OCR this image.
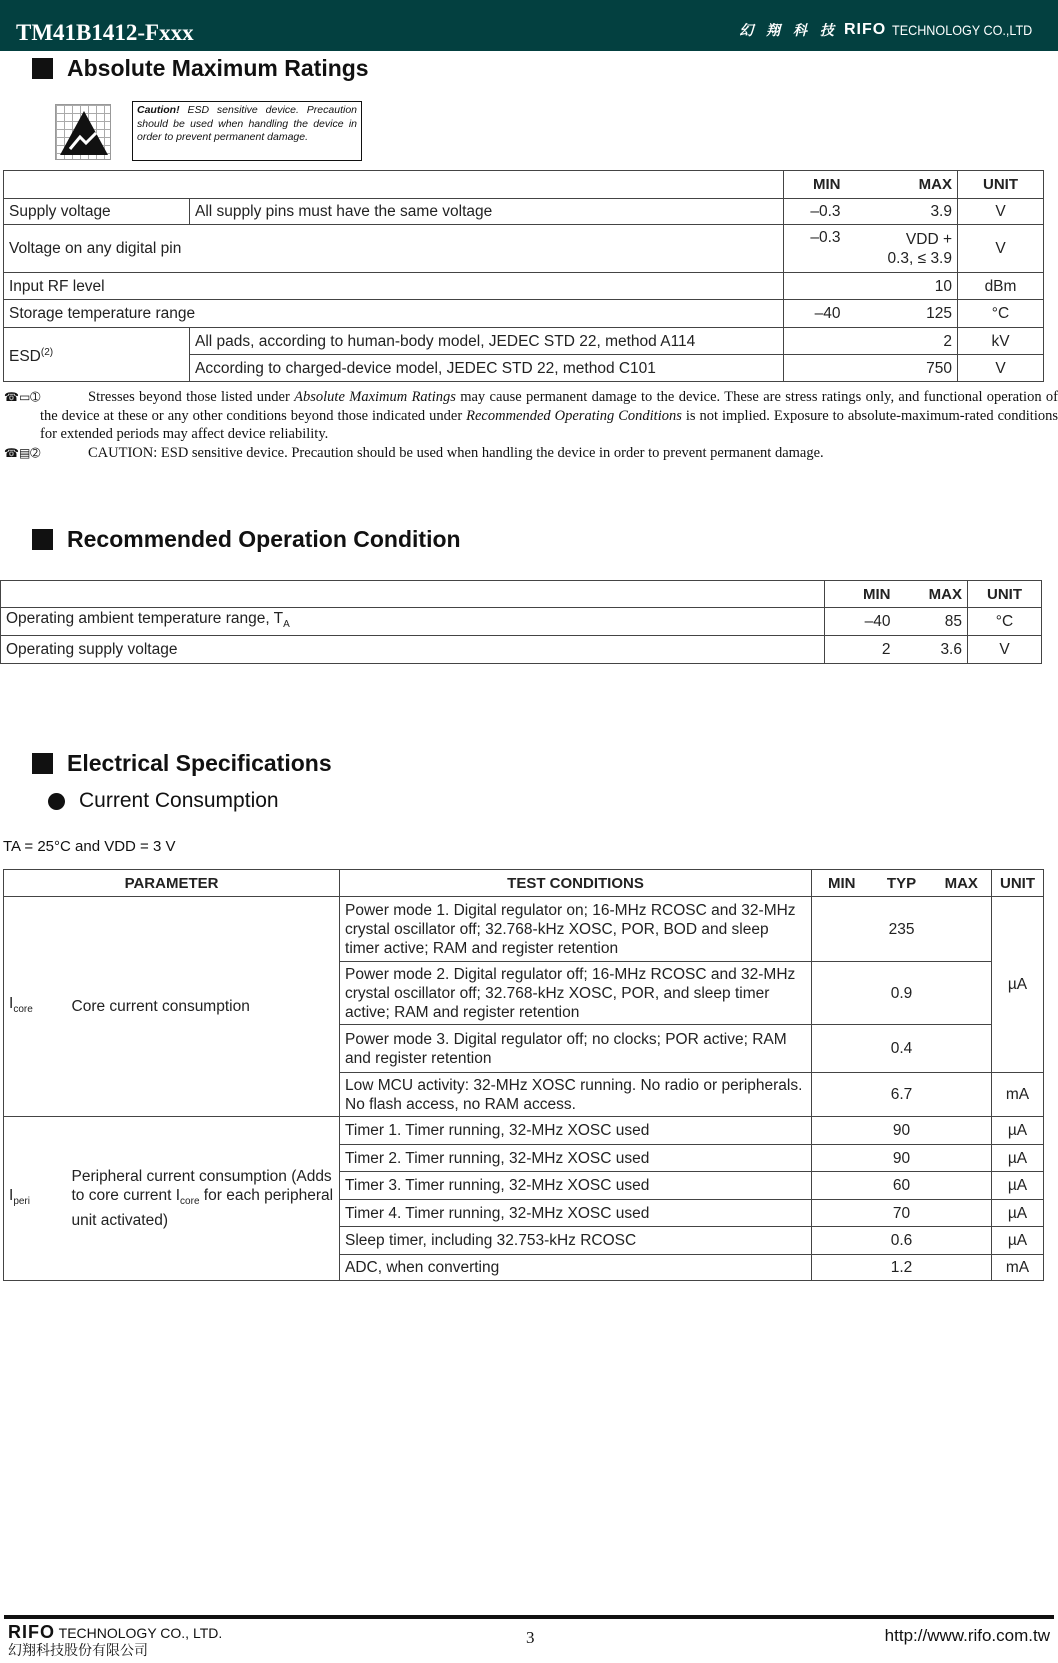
TM41B1412-Fxxx	幻 翔 科 技 RIFO TECHNOLOGY CO.,LTD
Absolute Maximum Ratings
Caution! ESD sensitive device. Precaution should be used when handling the device in order to prevent permanent damage.
		MIN	MAX	UNIT
Supply voltage	All supply pins must have the same voltage	–0.3	3.9	V
Voltage on any digital pin		–0.3	VDD + 0.3, ≤ 3.9	V
Input RF level			10	dBm
Storage temperature range		–40	125	°C
ESD$^{(2)}$	All pads, according to human-body model, JEDEC STD 22, method A114		2	kV
	According to charged-device model, JEDEC STD 22, method C101		750	V
☎▭➀	Stresses beyond those listed under Absolute Maximum Ratings may cause permanent damage to the device. These are stress ratings only, and functional operation of the device at these or any other conditions beyond those indicated under Recommended Operating Conditions is not implied. Exposure to absolute-maximum-rated conditions for extended periods may affect device reliability.
☎▤➁	CAUTION: ESD sensitive device. Precaution should be used when handling the device in order to prevent permanent damage.
Recommended Operation Condition
	MIN	MAX	UNIT
Operating ambient temperature range, $T_A$	–40	85	°C
Operating supply voltage	2	3.6	V
Electrical Specifications
Current Consumption
TA = 25°C and VDD = 3 V
PARAMETER		TEST CONDITIONS	MIN	TYP	MAX	UNIT
$I_{core}$	Core current consumption	Power mode 1. Digital regulator on; 16-MHz RCOSC and 32-MHz crystal oscillator off; 32.768-kHz XOSC, POR, BOD and sleep timer active; RAM and register retention	235			µA
		Power mode 2. Digital regulator off; 16-MHz RCOSC and 32-MHz crystal oscillator off; 32.768-kHz XOSC, POR, and sleep timer active; RAM and register retention	0.9			
		Power mode 3. Digital regulator off; no clocks; POR active; RAM and register retention	0.4			
		Low MCU activity: 32-MHz XOSC running. No radio or peripherals. No flash access, no RAM access.	6.7			mA
$I_{peri}$	Peripheral current consumption (Adds to core current $I_{core}$ for each peripheral unit activated)	Timer 1. Timer running, 32-MHz XOSC used	90			µA
		Timer 2. Timer running, 32-MHz XOSC used	90			µA
		Timer 3. Timer running, 32-MHz XOSC used	60			µA
		Timer 4. Timer running, 32-MHz XOSC used	70			µA
		Sleep timer, including 32.753-kHz RCOSC	0.6			µA
		ADC, when converting	1.2			mA
RIFO TECHNOLOGY CO., LTD.
幻翔科技股份有限公司
3	http://www.rifo.com.tw
